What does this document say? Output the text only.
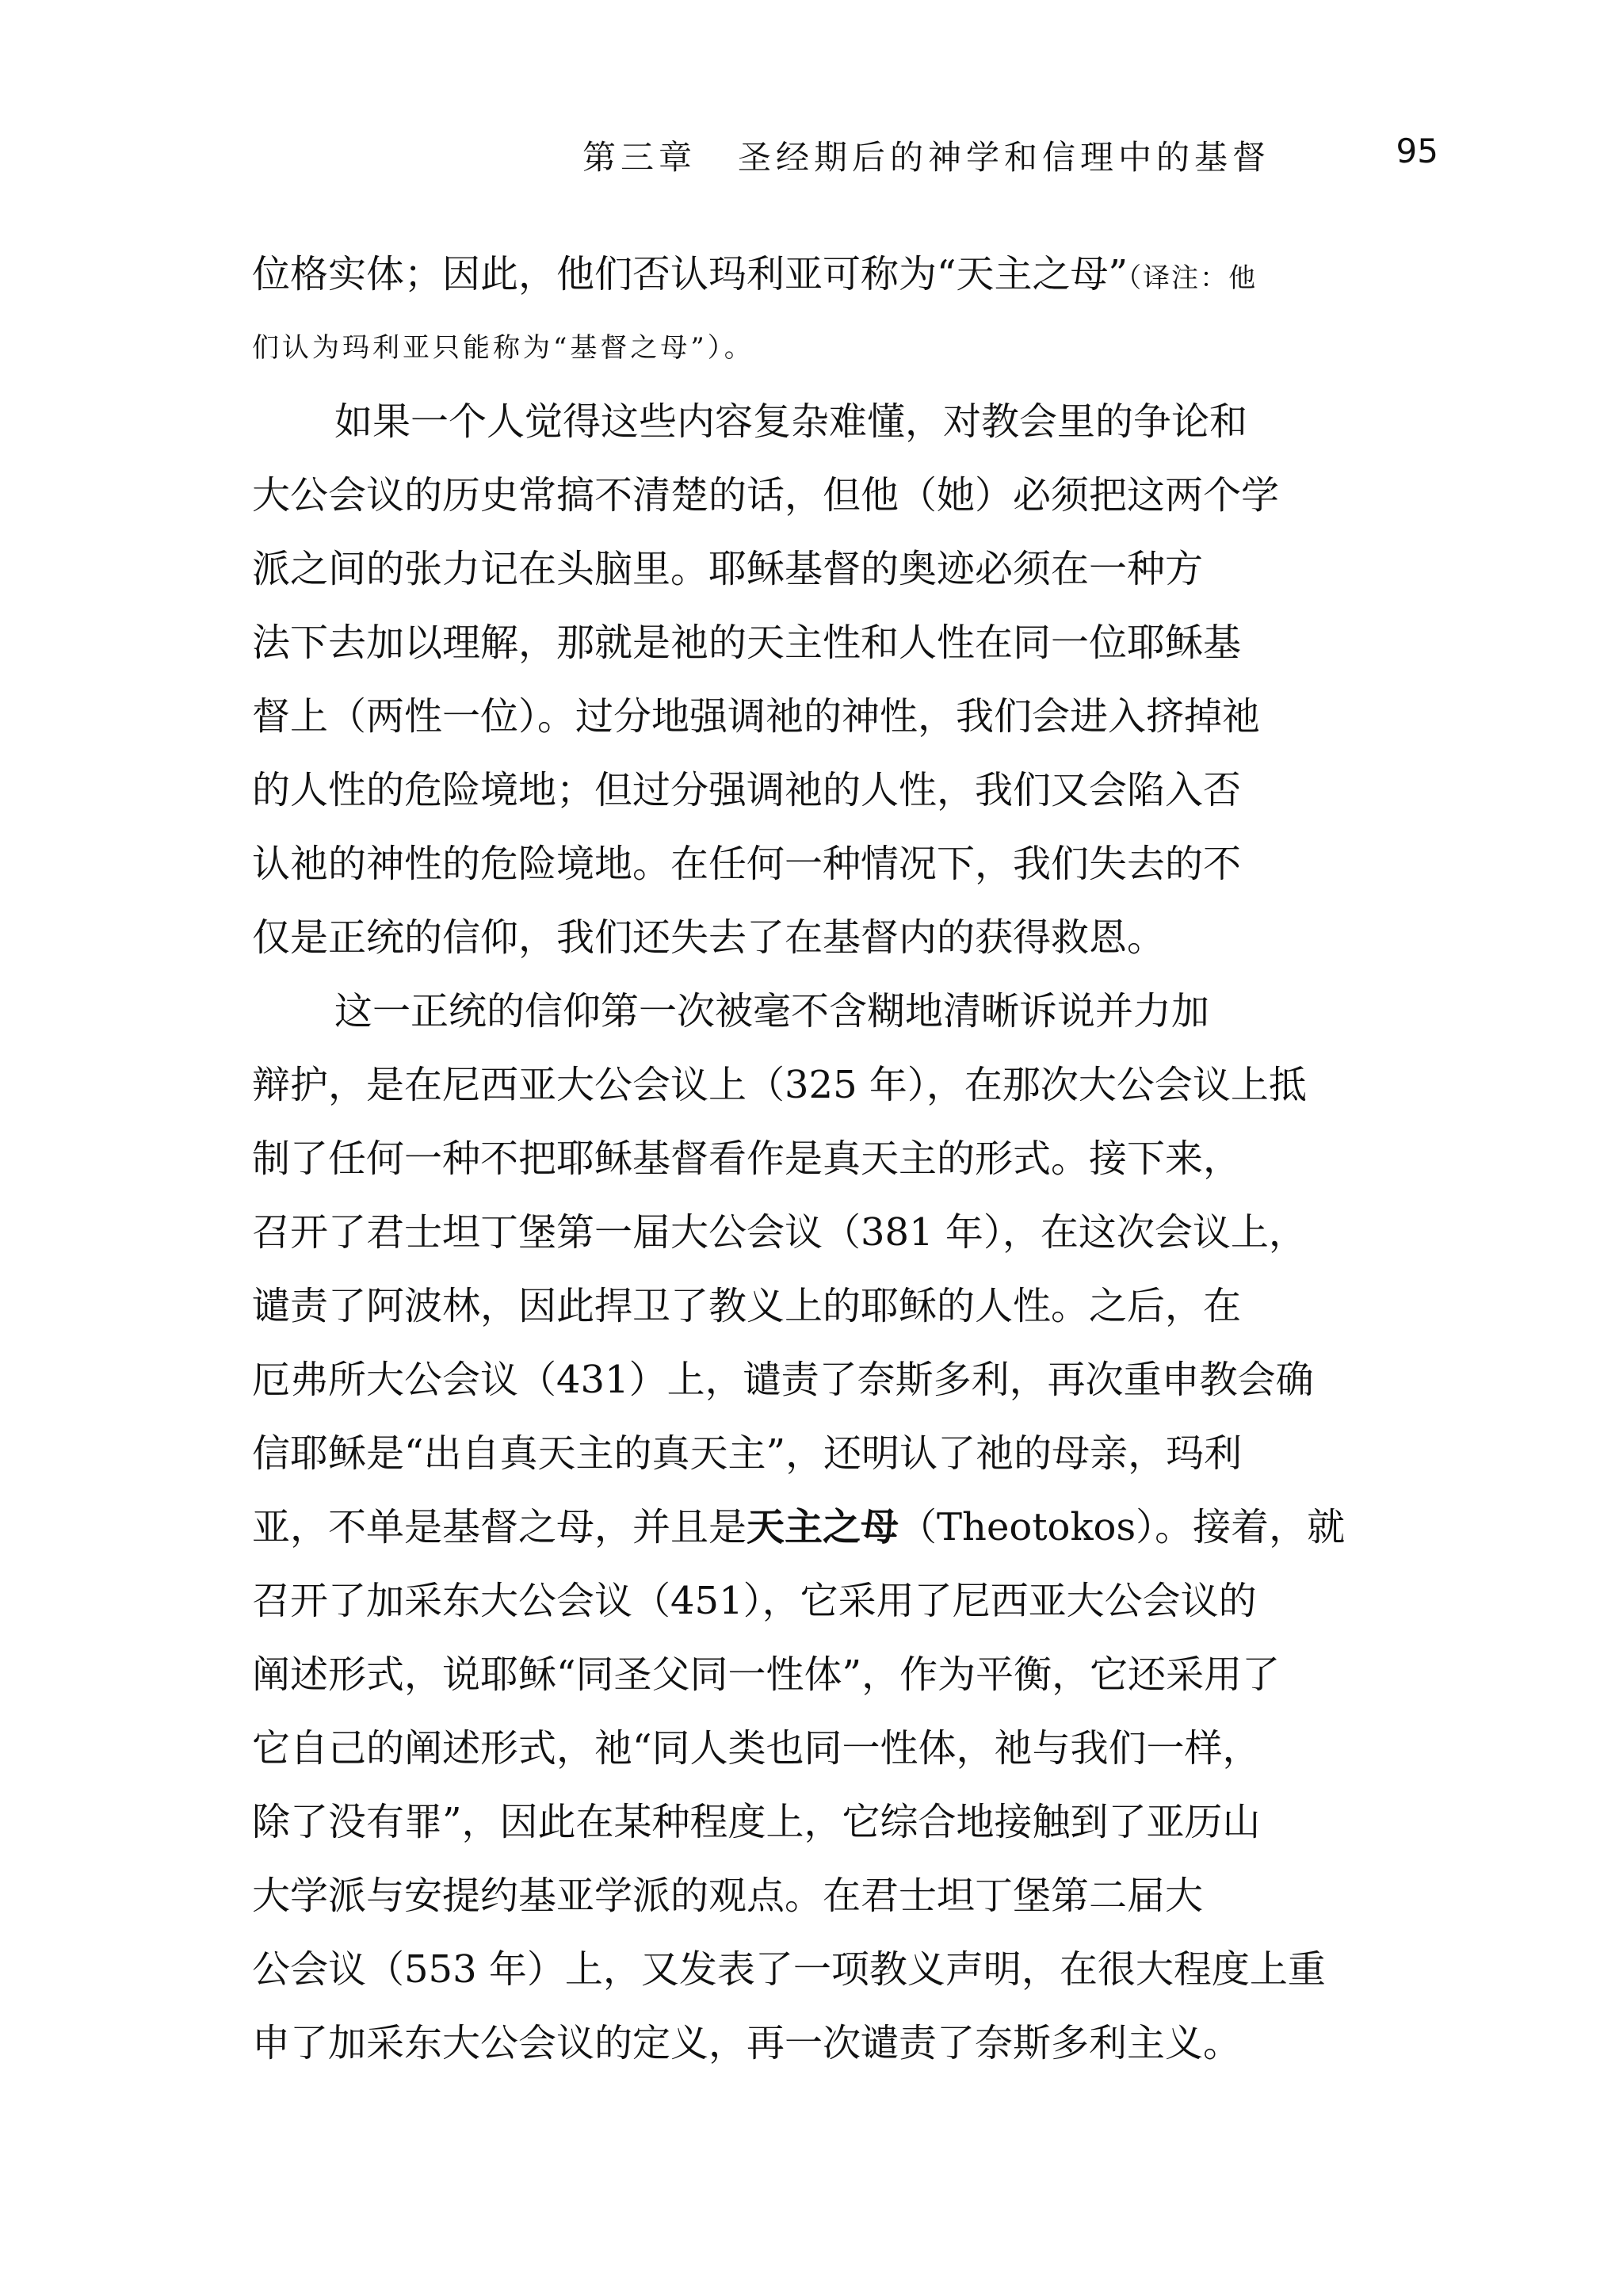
第三章 圣经期后的神学和信理中的基督	95
位格实体；因此，他们否认玛利亚可称为“天主之母”（译注：他
们认为玛利亚只能称为“基督之母”）。
如果一个人觉得这些内容复杂难懂，对教会里的争论和
大公会议的历史常搞不清楚的话，但他（她）必须把这两个学
派之间的张力记在头脑里。耶稣基督的奥迹必须在一种方
法下去加以理解，那就是祂的天主性和人性在同一位耶稣基
督上（两性一位）。过分地强调祂的神性，我们会进入挤掉祂
的人性的危险境地；但过分强调祂的人性，我们又会陷入否
认祂的神性的危险境地。在任何一种情况下，我们失去的不
仅是正统的信仰，我们还失去了在基督内的获得救恩。
这一正统的信仰第一次被毫不含糊地清晰诉说并力加
辩护，是在尼西亚大公会议上（325 年），在那次大公会议上抵
制了任何一种不把耶稣基督看作是真天主的形式。接下来，
召开了君士坦丁堡第一届大公会议（381 年），在这次会议上，
谴责了阿波林，因此捍卫了教义上的耶稣的人性。之后，在
厄弗所大公会议（431）上，谴责了奈斯多利，再次重申教会确
信耶稣是“出自真天主的真天主”，还明认了祂的母亲，玛利
亚，不单是基督之母，并且是天主之母（Theotokos）。接着，就
召开了加采东大公会议（451），它采用了尼西亚大公会议的
阐述形式，说耶稣“同圣父同一性体”，作为平衡，它还采用了
它自己的阐述形式，祂“同人类也同一性体，祂与我们一样，
除了没有罪”，因此在某种程度上，它综合地接触到了亚历山
大学派与安提约基亚学派的观点。在君士坦丁堡第二届大
公会议（553 年）上，又发表了一项教义声明，在很大程度上重
申了加采东大公会议的定义，再一次谴责了奈斯多利主义。
